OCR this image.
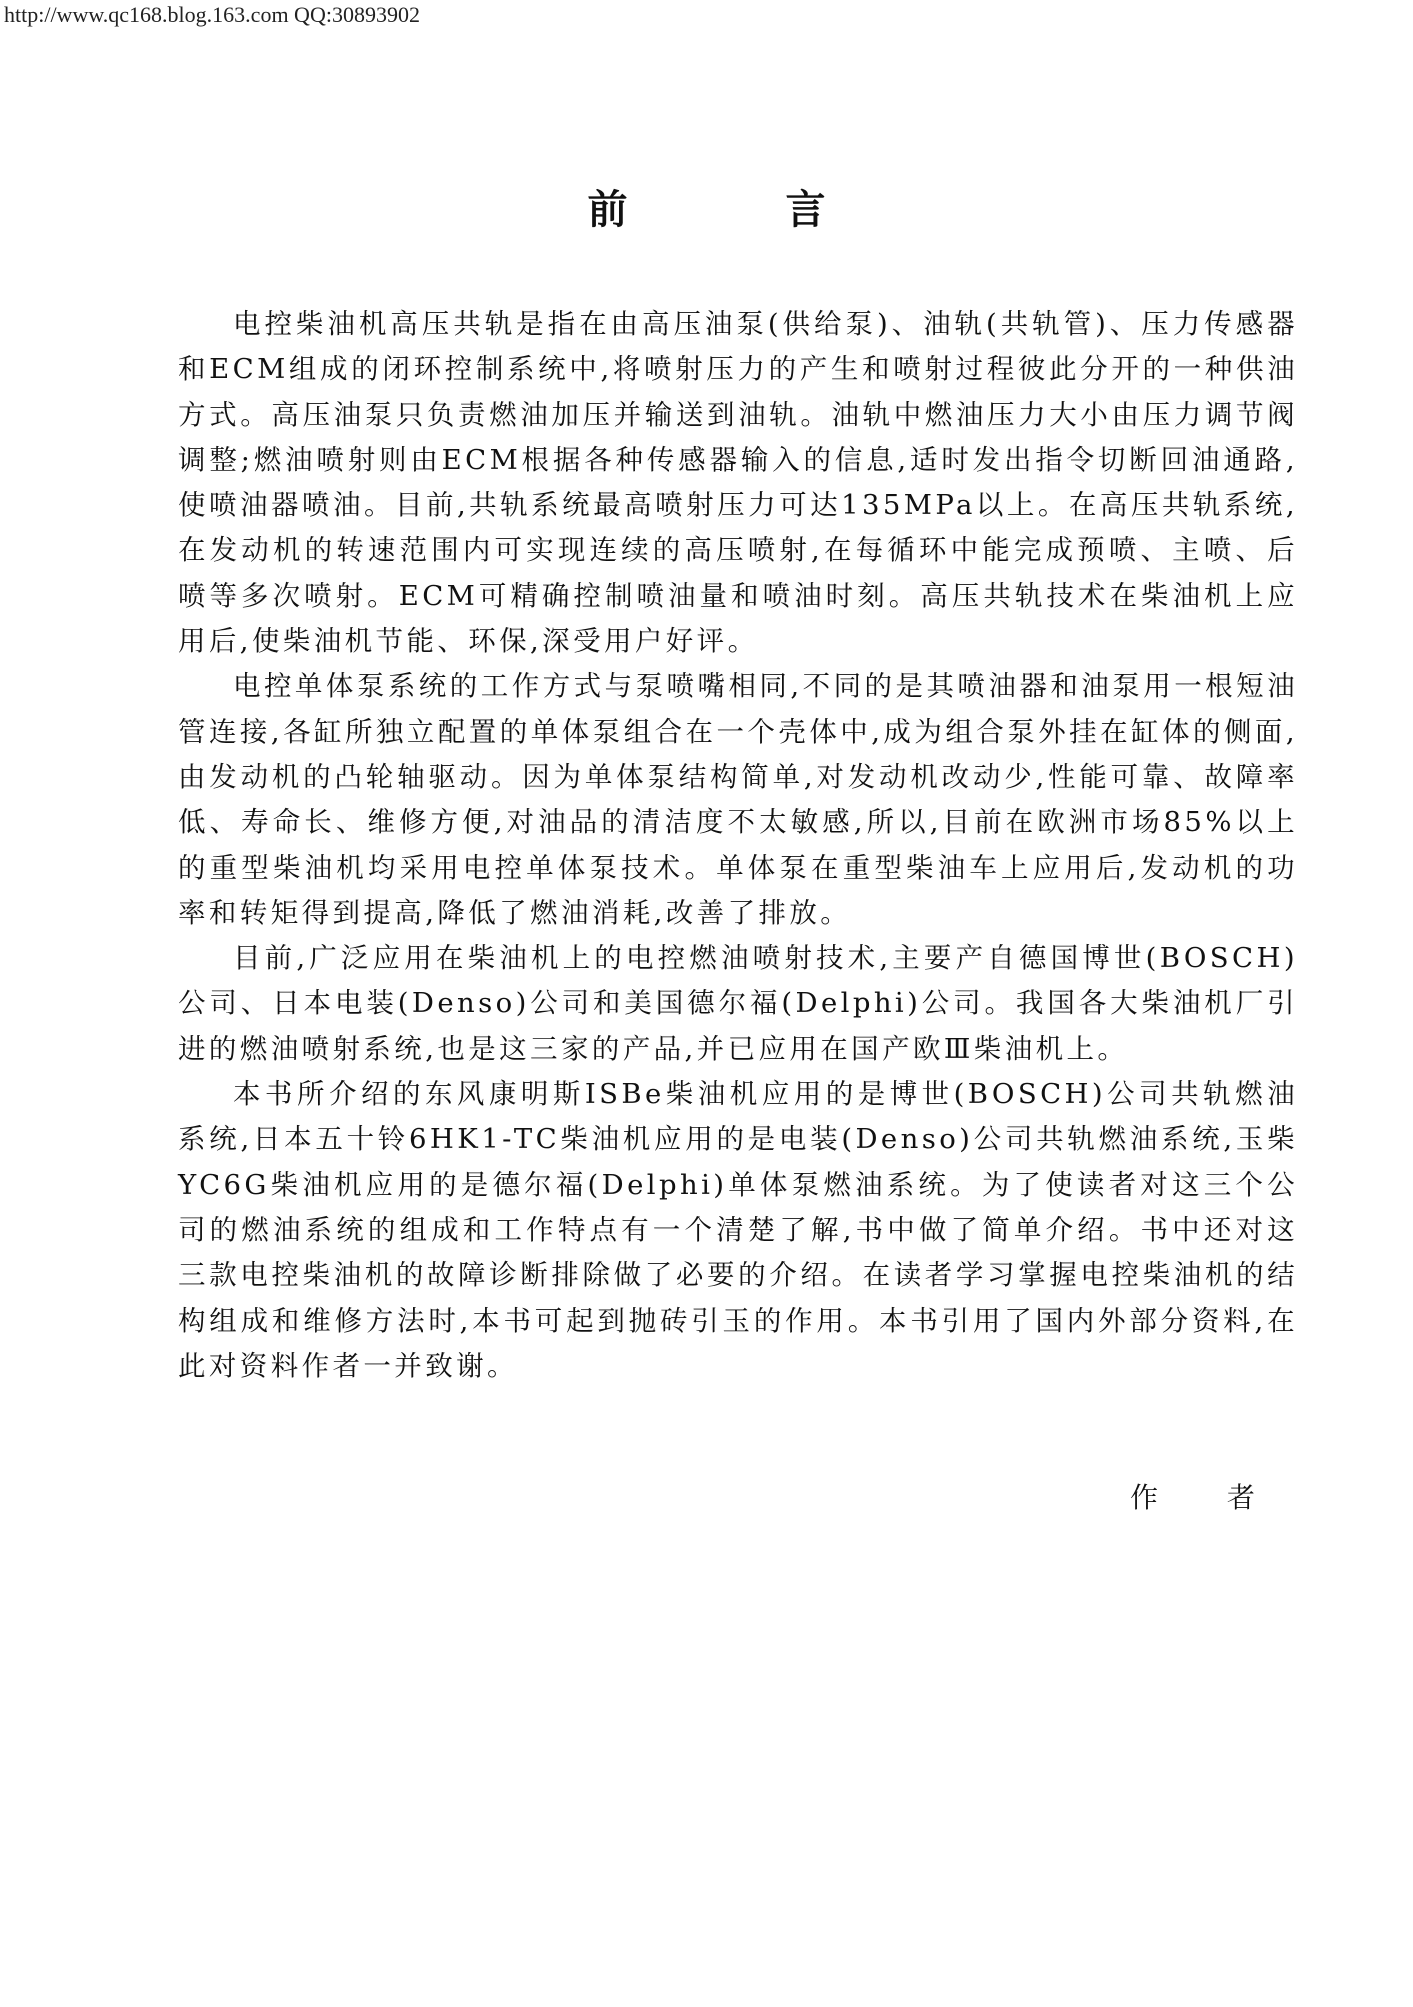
http://www.qc168.blog.163.com QQ:30893902
前 言

电控柴油机高压共轨是指在由高压油泵(供给泵)、油轨(共轨管)、压力传感器和ECM组成的闭环控制系统中,将喷射压力的产生和喷射过程彼此分开的一种供油方式。高压油泵只负责燃油加压并输送到油轨。油轨中燃油压力大小由压力调节阀调整;燃油喷射则由ECM根据各种传感器输入的信息,适时发出指令切断回油通路,使喷油器喷油。目前,共轨系统最高喷射压力可达135MPa以上。在高压共轨系统,在发动机的转速范围内可实现连续的高压喷射,在每循环中能完成预喷、主喷、后喷等多次喷射。ECM可精确控制喷油量和喷油时刻。高压共轨技术在柴油机上应用后,使柴油机节能、环保,深受用户好评。

电控单体泵系统的工作方式与泵喷嘴相同,不同的是其喷油器和油泵用一根短油管连接,各缸所独立配置的单体泵组合在一个壳体中,成为组合泵外挂在缸体的侧面,由发动机的凸轮轴驱动。因为单体泵结构简单,对发动机改动少,性能可靠、故障率低、寿命长、维修方便,对油品的清洁度不太敏感,所以,目前在欧洲市场85%以上的重型柴油机均采用电控单体泵技术。单体泵在重型柴油车上应用后,发动机的功率和转矩得到提高,降低了燃油消耗,改善了排放。

目前,广泛应用在柴油机上的电控燃油喷射技术,主要产自德国博世(BOSCH)公司、日本电装(Denso)公司和美国德尔福(Delphi)公司。我国各大柴油机厂引进的燃油喷射系统,也是这三家的产品,并已应用在国产欧Ⅲ柴油机上。

本书所介绍的东风康明斯ISBe柴油机应用的是博世(BOSCH)公司共轨燃油系统,日本五十铃6HK1-TC柴油机应用的是电装(Denso)公司共轨燃油系统,玉柴YC6G柴油机应用的是德尔福(Delphi)单体泵燃油系统。为了使读者对这三个公司的燃油系统的组成和工作特点有一个清楚了解,书中做了简单介绍。书中还对这三款电控柴油机的故障诊断排除做了必要的介绍。在读者学习掌握电控柴油机的结构组成和维修方法时,本书可起到抛砖引玉的作用。本书引用了国内外部分资料,在此对资料作者一并致谢。

作 者
